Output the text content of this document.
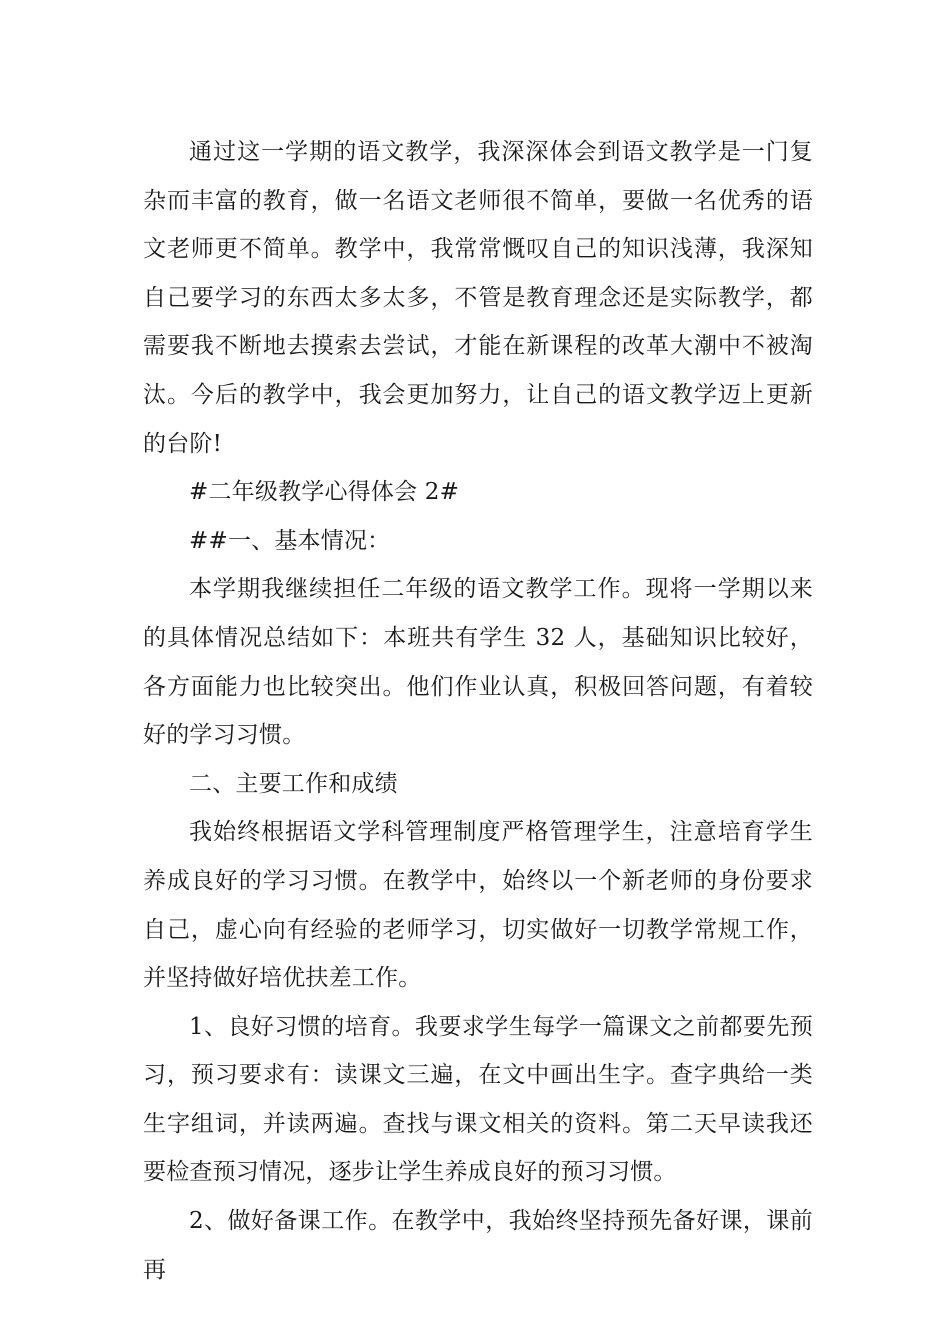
通过这一学期的语文教学，我深深体会到语文教学是一门复杂而丰富的教育，做一名语文老师很不简单，要做一名优秀的语文老师更不简单。教学中，我常常慨叹自己的知识浅薄，我深知自己要学习的东西太多太多，不管是教育理念还是实际教学，都需要我不断地去摸索去尝试，才能在新课程的改革大潮中不被淘汰。今后的教学中，我会更加努力，让自己的语文教学迈上更新的台阶!

#二年级教学心得体会 2#

##一、基本情况：

本学期我继续担任二年级的语文教学工作。现将一学期以来的具体情况总结如下：本班共有学生 32 人，基础知识比较好，各方面能力也比较突出。他们作业认真，积极回答问题，有着较好的学习习惯。

二、主要工作和成绩

我始终根据语文学科管理制度严格管理学生，注意培育学生养成良好的学习习惯。在教学中，始终以一个新老师的身份要求自己，虚心向有经验的老师学习，切实做好一切教学常规工作，并坚持做好培优扶差工作。

1、良好习惯的培育。我要求学生每学一篇课文之前都要先预习，预习要求有：读课文三遍，在文中画出生字。查字典给一类生字组词，并读两遍。查找与课文相关的资料。第二天早读我还要检查预习情况，逐步让学生养成良好的预习习惯。

2、做好备课工作。在教学中，我始终坚持预先备好课，课前再
